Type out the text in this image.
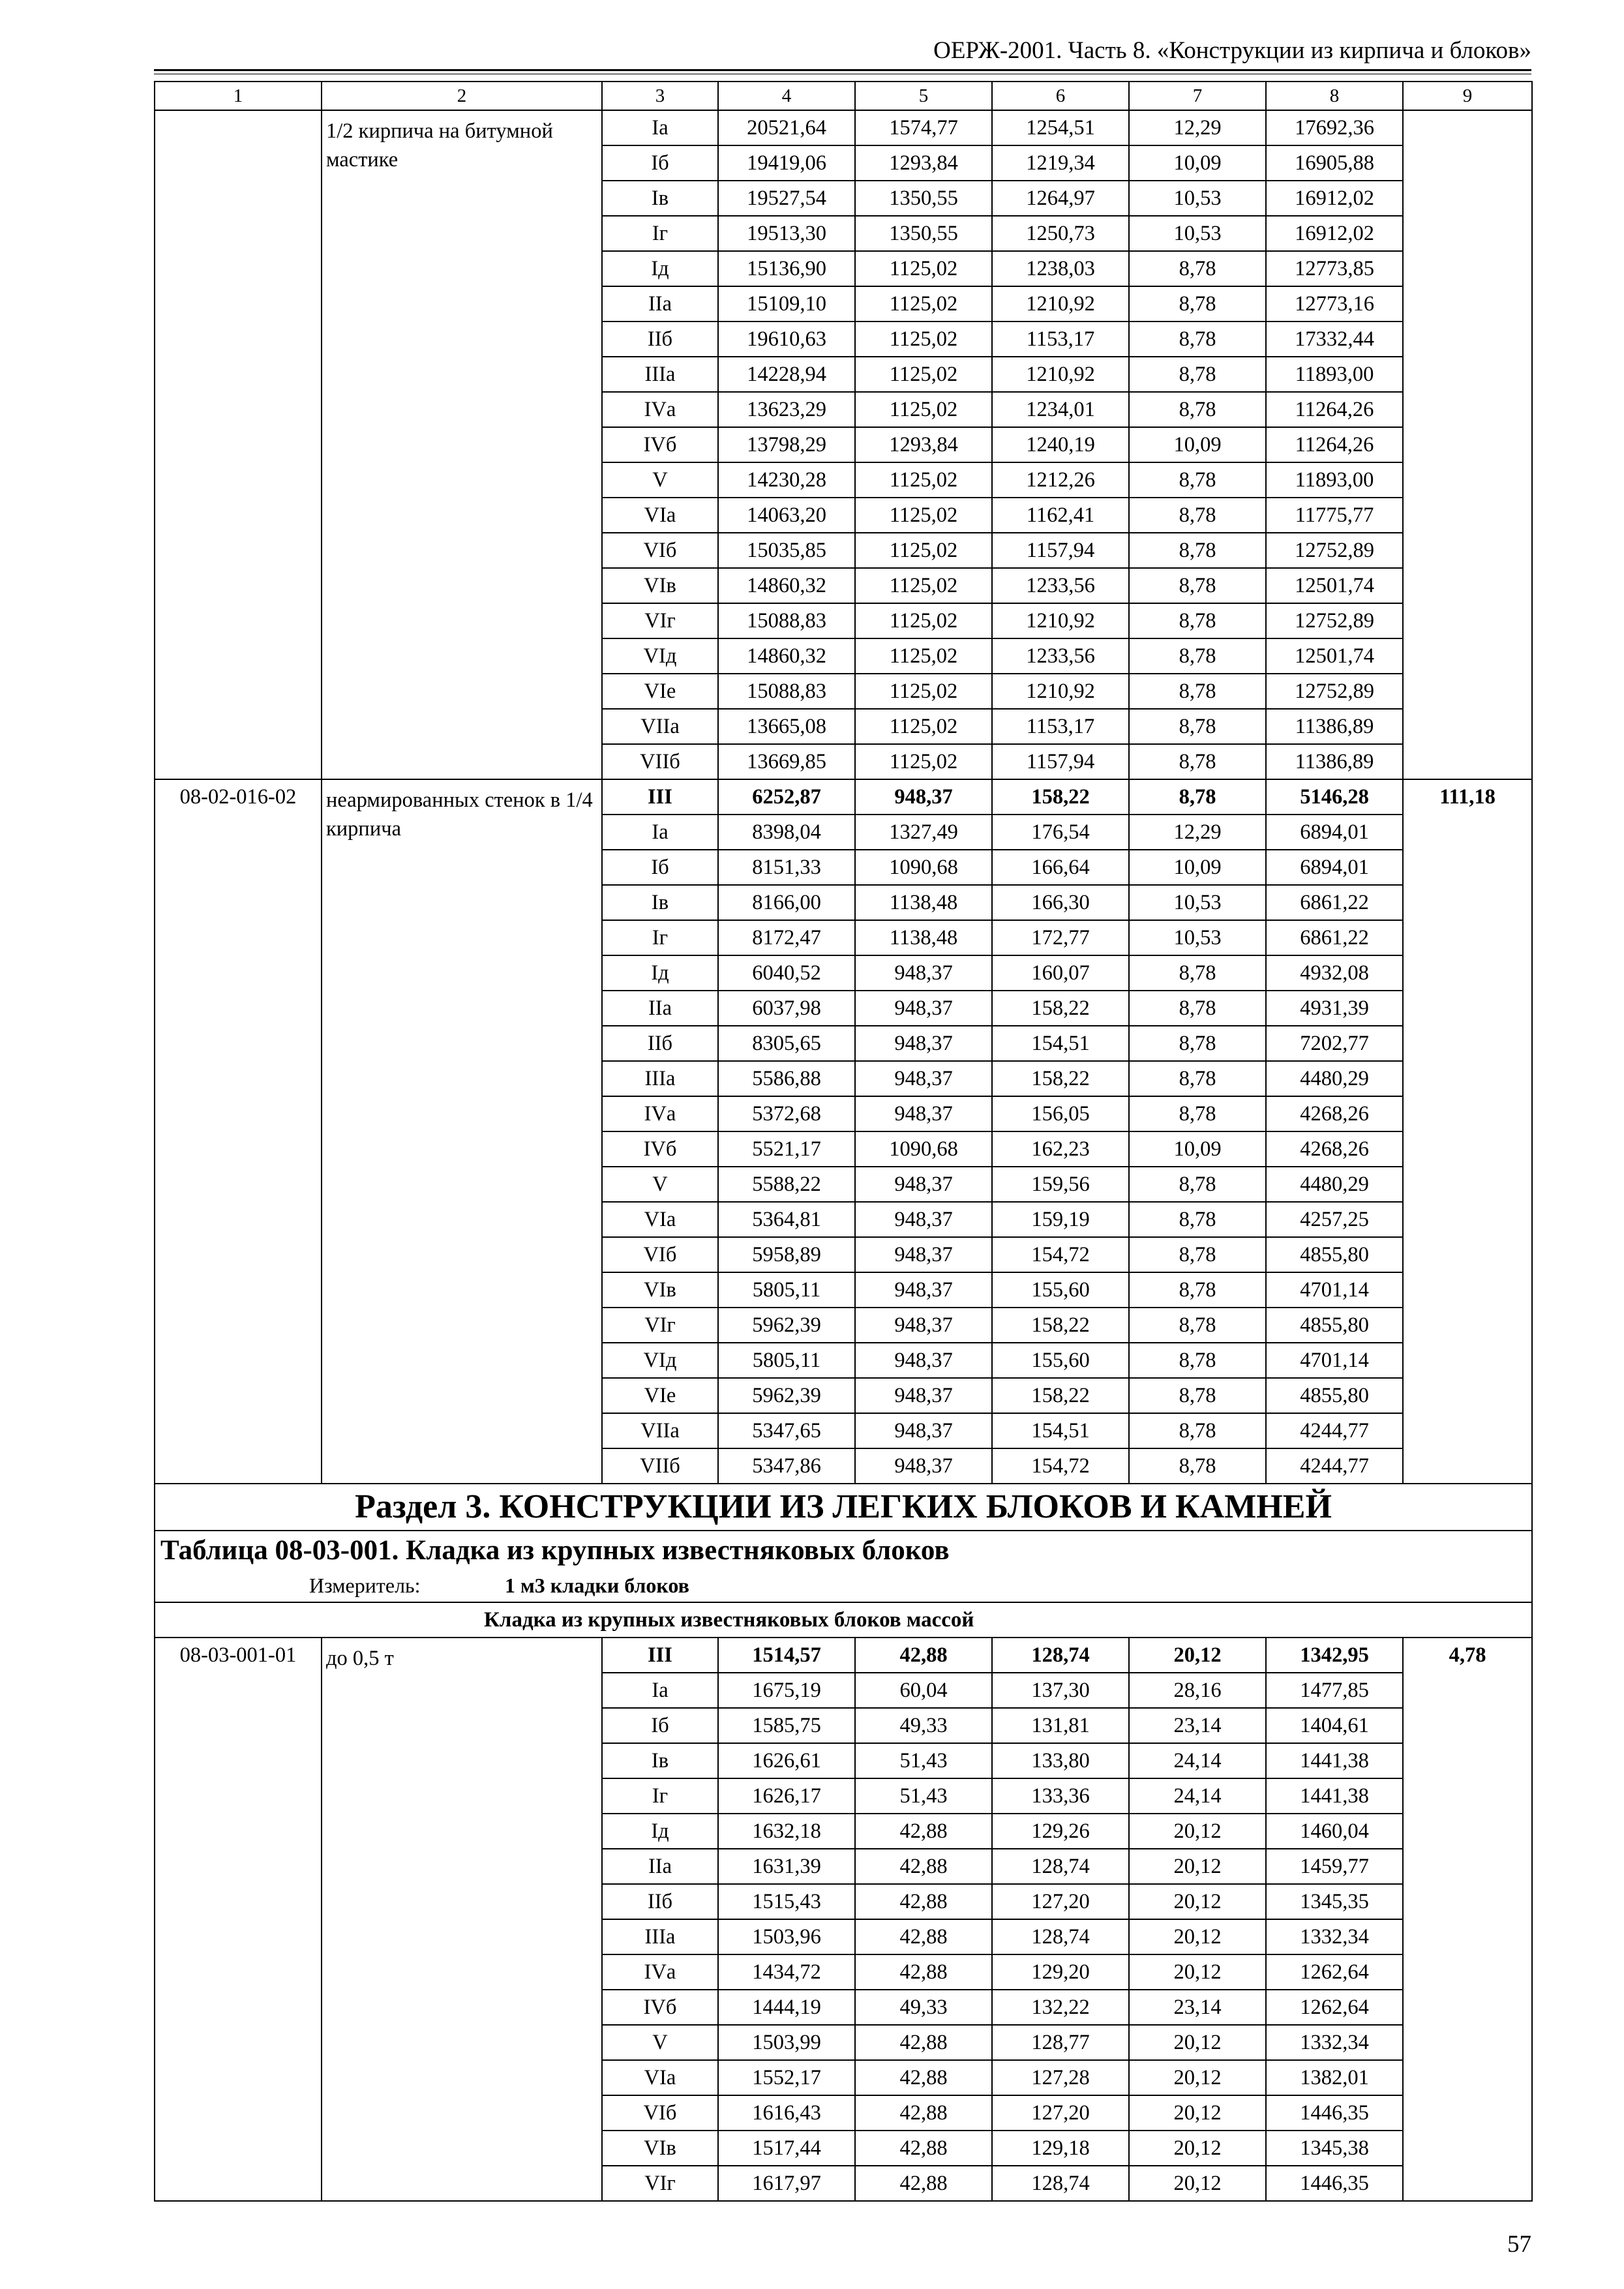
ОЕРЖ-2001. Часть 8. «Конструкции из кирпича и блоков»
1	2	3	4	5	6	7	8	9
	1/2 кирпича на битумной мастике	Iа	20521,64	1574,77	1254,51	12,29	17692,36	
		Iб	19419,06	1293,84	1219,34	10,09	16905,88	
		Iв	19527,54	1350,55	1264,97	10,53	16912,02	
		Iг	19513,30	1350,55	1250,73	10,53	16912,02	
		Iд	15136,90	1125,02	1238,03	8,78	12773,85	
		IIа	15109,10	1125,02	1210,92	8,78	12773,16	
		IIб	19610,63	1125,02	1153,17	8,78	17332,44	
		IIIа	14228,94	1125,02	1210,92	8,78	11893,00	
		IVа	13623,29	1125,02	1234,01	8,78	11264,26	
		IVб	13798,29	1293,84	1240,19	10,09	11264,26	
		V	14230,28	1125,02	1212,26	8,78	11893,00	
		VIа	14063,20	1125,02	1162,41	8,78	11775,77	
		VIб	15035,85	1125,02	1157,94	8,78	12752,89	
		VIв	14860,32	1125,02	1233,56	8,78	12501,74	
		VIг	15088,83	1125,02	1210,92	8,78	12752,89	
		VIд	14860,32	1125,02	1233,56	8,78	12501,74	
		VIе	15088,83	1125,02	1210,92	8,78	12752,89	
		VIIа	13665,08	1125,02	1153,17	8,78	11386,89	
		VIIб	13669,85	1125,02	1157,94	8,78	11386,89	
08-02-016-02	неармированных стенок в 1/4 кирпича	III	6252,87	948,37	158,22	8,78	5146,28	111,18
		Iа	8398,04	1327,49	176,54	12,29	6894,01	
		Iб	8151,33	1090,68	166,64	10,09	6894,01	
		Iв	8166,00	1138,48	166,30	10,53	6861,22	
		Iг	8172,47	1138,48	172,77	10,53	6861,22	
		Iд	6040,52	948,37	160,07	8,78	4932,08	
		IIа	6037,98	948,37	158,22	8,78	4931,39	
		IIб	8305,65	948,37	154,51	8,78	7202,77	
		IIIа	5586,88	948,37	158,22	8,78	4480,29	
		IVа	5372,68	948,37	156,05	8,78	4268,26	
		IVб	5521,17	1090,68	162,23	10,09	4268,26	
		V	5588,22	948,37	159,56	8,78	4480,29	
		VIа	5364,81	948,37	159,19	8,78	4257,25	
		VIб	5958,89	948,37	154,72	8,78	4855,80	
		VIв	5805,11	948,37	155,60	8,78	4701,14	
		VIг	5962,39	948,37	158,22	8,78	4855,80	
		VIд	5805,11	948,37	155,60	8,78	4701,14	
		VIе	5962,39	948,37	158,22	8,78	4855,80	
		VIIа	5347,65	948,37	154,51	8,78	4244,77	
		VIIб	5347,86	948,37	154,72	8,78	4244,77	
Раздел 3. КОНСТРУКЦИИ ИЗ ЛЕГКИХ БЛОКОВ И КАМНЕЙ								
Таблица 08-03-001. Кладка из крупных известняковых блоков								
Измеритель: 1 м3 кладки блоков								
Кладка из крупных известняковых блоков массой								
08-03-001-01	до 0,5 т	III	1514,57	42,88	128,74	20,12	1342,95	4,78
		Iа	1675,19	60,04	137,30	28,16	1477,85	
		Iб	1585,75	49,33	131,81	23,14	1404,61	
		Iв	1626,61	51,43	133,80	24,14	1441,38	
		Iг	1626,17	51,43	133,36	24,14	1441,38	
		Iд	1632,18	42,88	129,26	20,12	1460,04	
		IIа	1631,39	42,88	128,74	20,12	1459,77	
		IIб	1515,43	42,88	127,20	20,12	1345,35	
		IIIа	1503,96	42,88	128,74	20,12	1332,34	
		IVа	1434,72	42,88	129,20	20,12	1262,64	
		IVб	1444,19	49,33	132,22	23,14	1262,64	
		V	1503,99	42,88	128,77	20,12	1332,34	
		VIа	1552,17	42,88	127,28	20,12	1382,01	
		VIб	1616,43	42,88	127,20	20,12	1446,35	
		VIв	1517,44	42,88	129,18	20,12	1345,38	
		VIг	1617,97	42,88	128,74	20,12	1446,35	
57
